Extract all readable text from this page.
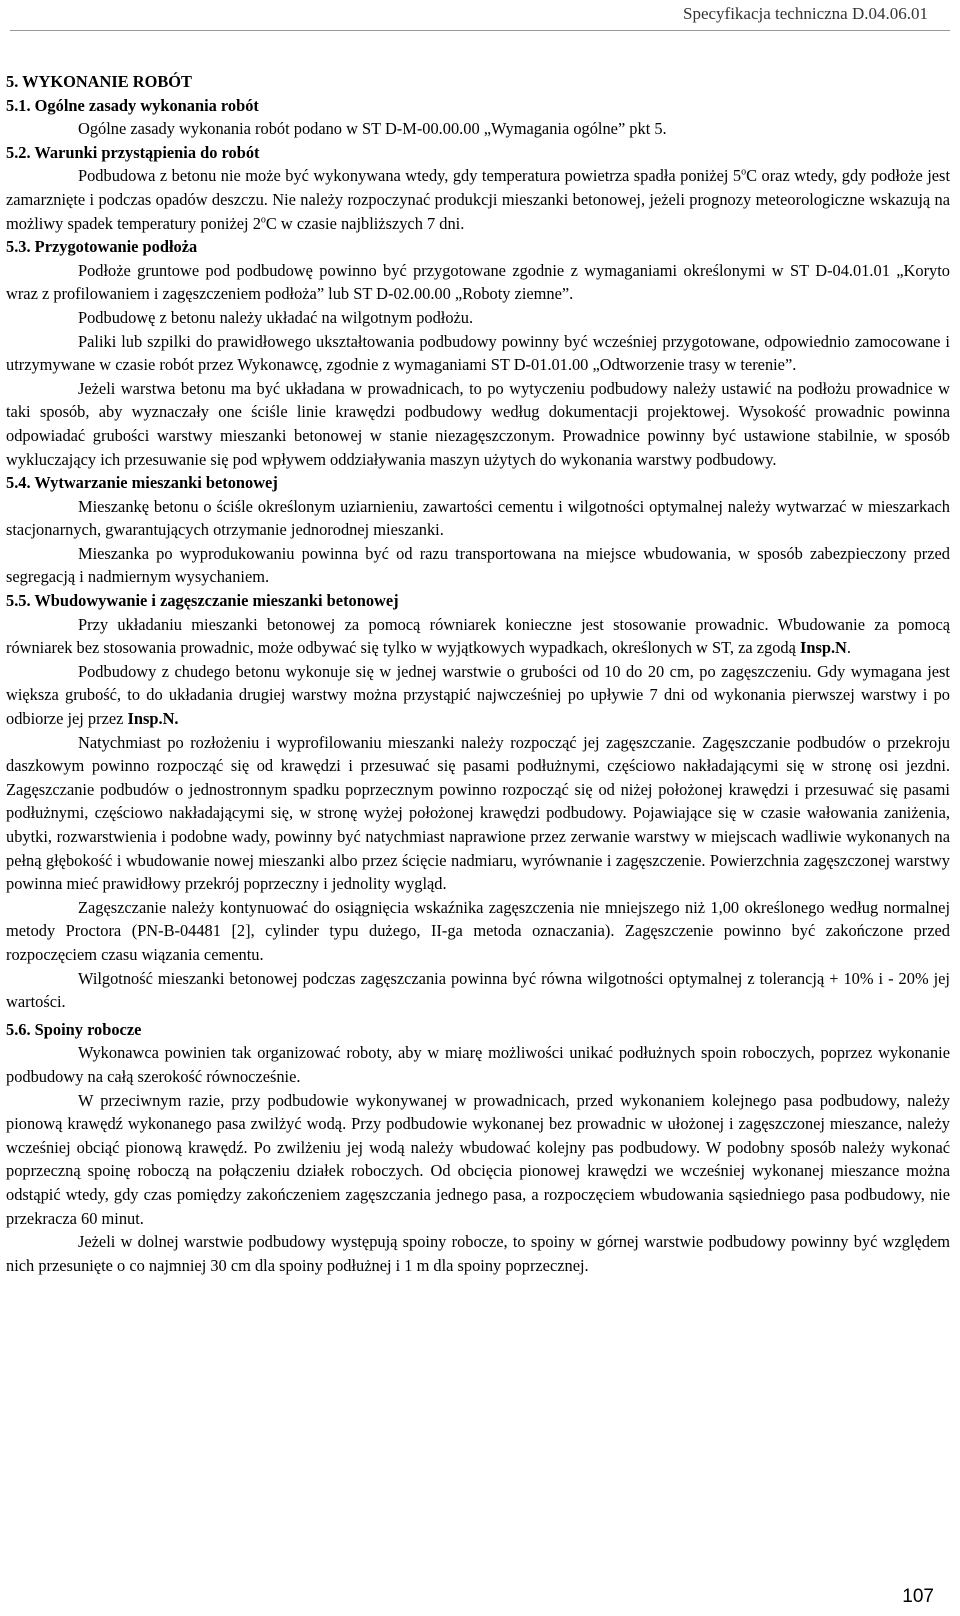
Specyfikacja techniczna D.04.06.01

5. WYKONANIE ROBÓT

5.1. Ogólne zasady wykonania robót

Ogólne zasady wykonania robót podano w ST D-M-00.00.00 „Wymagania ogólne” pkt 5.

5.2. Warunki przystąpienia do robót

Podbudowa z betonu nie może być wykonywana wtedy, gdy temperatura powietrza spadła poniżej 5$^o$C oraz wtedy, gdy podłoże jest zamarznięte i podczas opadów deszczu. Nie należy rozpoczynać produkcji mieszanki betonowej, jeżeli prognozy meteorologiczne wskazują na możliwy spadek temperatury poniżej 2$^o$C w czasie najbliższych 7 dni.

5.3. Przygotowanie podłoża

Podłoże gruntowe pod podbudowę powinno być przygotowane zgodnie z wymaganiami określonymi w ST D-04.01.01 „Koryto wraz z profilowaniem i zagęszczeniem podłoża” lub ST D-02.00.00 „Roboty ziemne”.

Podbudowę z betonu należy układać na wilgotnym podłożu.

Paliki lub szpilki do prawidłowego ukształtowania podbudowy powinny być wcześniej przygotowane, odpowiednio zamocowane i utrzymywane w czasie robót przez Wykonawcę, zgodnie z wymaganiami ST D-01.01.00 „Odtworzenie trasy w terenie”.

Jeżeli warstwa betonu ma być układana w prowadnicach, to po wytyczeniu podbudowy należy ustawić na podłożu prowadnice w taki sposób, aby wyznaczały one ściśle linie krawędzi podbudowy według dokumentacji projektowej. Wysokość prowadnic powinna odpowiadać grubości warstwy mieszanki betonowej w stanie niezagęszczonym. Prowadnice powinny być ustawione stabilnie, w sposób wykluczający ich przesuwanie się pod wpływem oddziaływania maszyn użytych do wykonania warstwy podbudowy.

5.4. Wytwarzanie mieszanki betonowej

Mieszankę betonu o ściśle określonym uziarnieniu, zawartości cementu i wilgotności optymalnej należy wytwarzać w mieszarkach stacjonarnych, gwarantujących otrzymanie jednorodnej mieszanki.

Mieszanka po wyprodukowaniu powinna być od razu transportowana na miejsce wbudowania, w sposób zabezpieczony przed segregacją i nadmiernym wysychaniem.

5.5. Wbudowywanie i zagęszczanie mieszanki betonowej

Przy układaniu mieszanki betonowej za pomocą równiarek konieczne jest stosowanie prowadnic. Wbudowanie za pomocą równiarek bez stosowania prowadnic, może odbywać się tylko w wyjątkowych wypadkach, określonych w ST, za zgodą Insp.N.

Podbudowy z chudego betonu wykonuje się w jednej warstwie o grubości od 10 do 20 cm, po zagęszczeniu. Gdy wymagana jest większa grubość, to do układania drugiej warstwy można przystąpić najwcześniej po upływie 7 dni od wykonania pierwszej warstwy i po odbiorze jej przez Insp.N.

Natychmiast po rozłożeniu i wyprofilowaniu mieszanki należy rozpocząć jej zagęszczanie. Zagęszczanie podbudów o przekroju daszkowym powinno rozpocząć się od krawędzi i przesuwać się pasami podłużnymi, częściowo nakładającymi się w stronę osi jezdni. Zagęszczanie podbudów o jednostronnym spadku poprzecznym powinno rozpocząć się od niżej położonej krawędzi i przesuwać się pasami podłużnymi, częściowo nakładającymi się, w stronę wyżej położonej krawędzi podbudowy. Pojawiające się w czasie wałowania zaniżenia, ubytki, rozwarstwienia i podobne wady, powinny być natychmiast naprawione przez zerwanie warstwy w miejscach wadliwie wykonanych na pełną głębokość i wbudowanie nowej mieszanki albo przez ścięcie nadmiaru, wyrównanie i zagęszczenie. Powierzchnia zagęszczonej warstwy powinna mieć prawidłowy przekrój poprzeczny i jednolity wygląd.

Zagęszczanie należy kontynuować do osiągnięcia wskaźnika zagęszczenia nie mniejszego niż 1,00 określonego według normalnej metody Proctora (PN-B-04481 [2], cylinder typu dużego, II-ga metoda oznaczania). Zagęszczenie powinno być zakończone przed rozpoczęciem czasu wiązania cementu.

Wilgotność mieszanki betonowej podczas zagęszczania powinna być równa wilgotności optymalnej z tolerancją + 10% i - 20% jej wartości.

5.6. Spoiny robocze

Wykonawca powinien tak organizować roboty, aby w miarę możliwości unikać podłużnych spoin roboczych, poprzez wykonanie podbudowy na całą szerokość równocześnie.

W przeciwnym razie, przy podbudowie wykonywanej w prowadnicach, przed wykonaniem kolejnego pasa podbudowy, należy pionową krawędź wykonanego pasa zwilżyć wodą. Przy podbudowie wykonanej bez prowadnic w ułożonej i zagęszczonej mieszance, należy wcześniej obciąć pionową krawędź. Po zwilżeniu jej wodą należy wbudować kolejny pas podbudowy. W podobny sposób należy wykonać poprzeczną spoinę roboczą na połączeniu działek roboczych. Od obcięcia pionowej krawędzi we wcześniej wykonanej mieszance można odstąpić wtedy, gdy czas pomiędzy zakończeniem zagęszczania jednego pasa, a rozpoczęciem wbudowania sąsiedniego pasa podbudowy, nie przekracza 60 minut.

Jeżeli w dolnej warstwie podbudowy występują spoiny robocze, to spoiny w górnej warstwie podbudowy powinny być względem nich przesunięte o co najmniej 30 cm dla spoiny podłużnej i 1 m dla spoiny poprzecznej.

107
